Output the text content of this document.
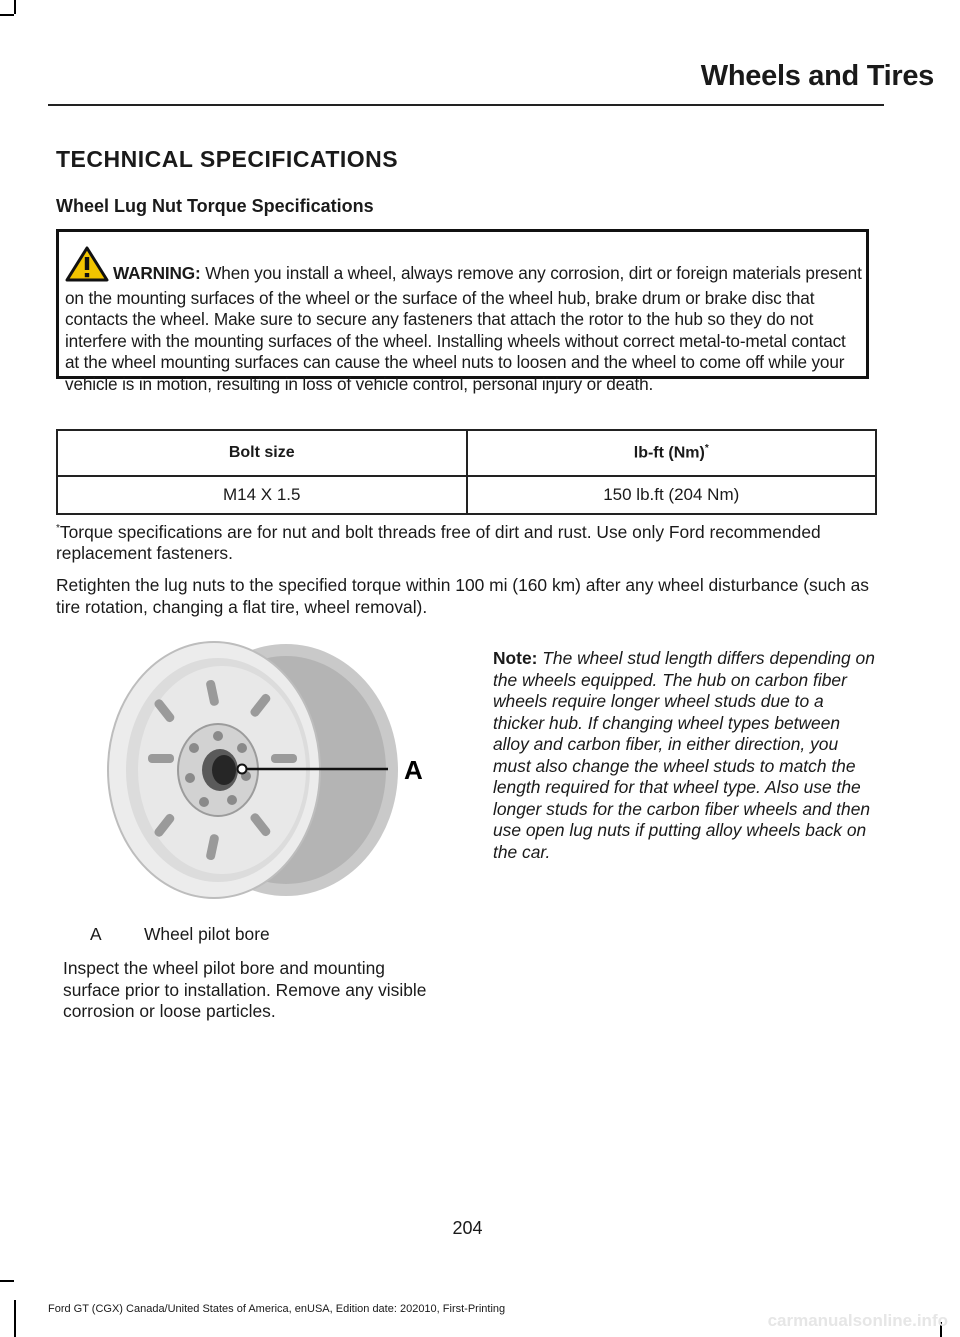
Wheels and Tires
TECHNICAL SPECIFICATIONS
Wheel Lug Nut Torque Specifications
WARNING: When you install a wheel, always remove any corrosion, dirt or foreign materials present on the mounting surfaces of the wheel or the surface of the wheel hub, brake drum or brake disc that contacts the wheel. Make sure to secure any fasteners that attach the rotor to the hub so they do not interfere with the mounting surfaces of the wheel. Installing wheels without correct metal-to-metal contact at the wheel mounting surfaces can cause the wheel nuts to loosen and the wheel to come off while your vehicle is in motion, resulting in loss of vehicle control, personal injury or death.
Bolt size	lb-ft (Nm)*
M14 X 1.5	150 lb.ft (204 Nm)
*Torque specifications are for nut and bolt threads free of dirt and rust. Use only Ford recommended replacement fasteners.
Retighten the lug nuts to the specified torque within 100 mi (160 km) after any wheel disturbance (such as tire rotation, changing a flat tire, wheel removal).
A
A Wheel pilot bore
Inspect the wheel pilot bore and mounting surface prior to installation. Remove any visible corrosion or loose particles.
Note: The wheel stud length differs depending on the wheels equipped. The hub on carbon fiber wheels require longer wheel studs due to a thicker hub. If changing wheel types between alloy and carbon fiber, in either direction, you must also change the wheel studs to match the length required for that wheel type. Also use the longer studs for the carbon fiber wheels and then use open lug nuts if putting alloy wheels back on the car.
204
Ford GT (CGX) Canada/United States of America, enUSA, Edition date: 202010, First-Printing
carmanualsonline.info
